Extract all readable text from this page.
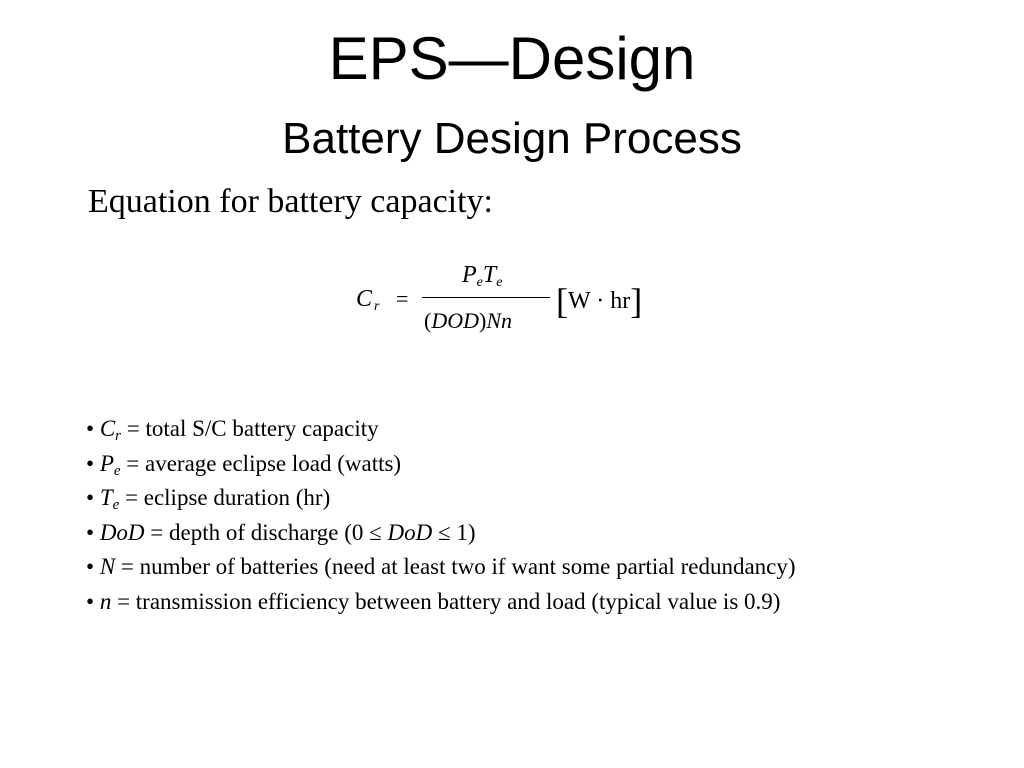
EPS—Design
Battery Design Process
Equation for battery capacity:
C $_r$ =
$P_eT_e$
(DOD)Nn [W · hr]
• $C_r$ = total S/C battery capacity
• $P_e$ = average eclipse load (watts)
• $T_e$ = eclipse duration (hr)
• DoD = depth of discharge (0 ≤ DoD ≤ 1)
• N = number of batteries (need at least two if want some partial redundancy)
• n = transmission efficiency between battery and load (typical value is 0.9)
